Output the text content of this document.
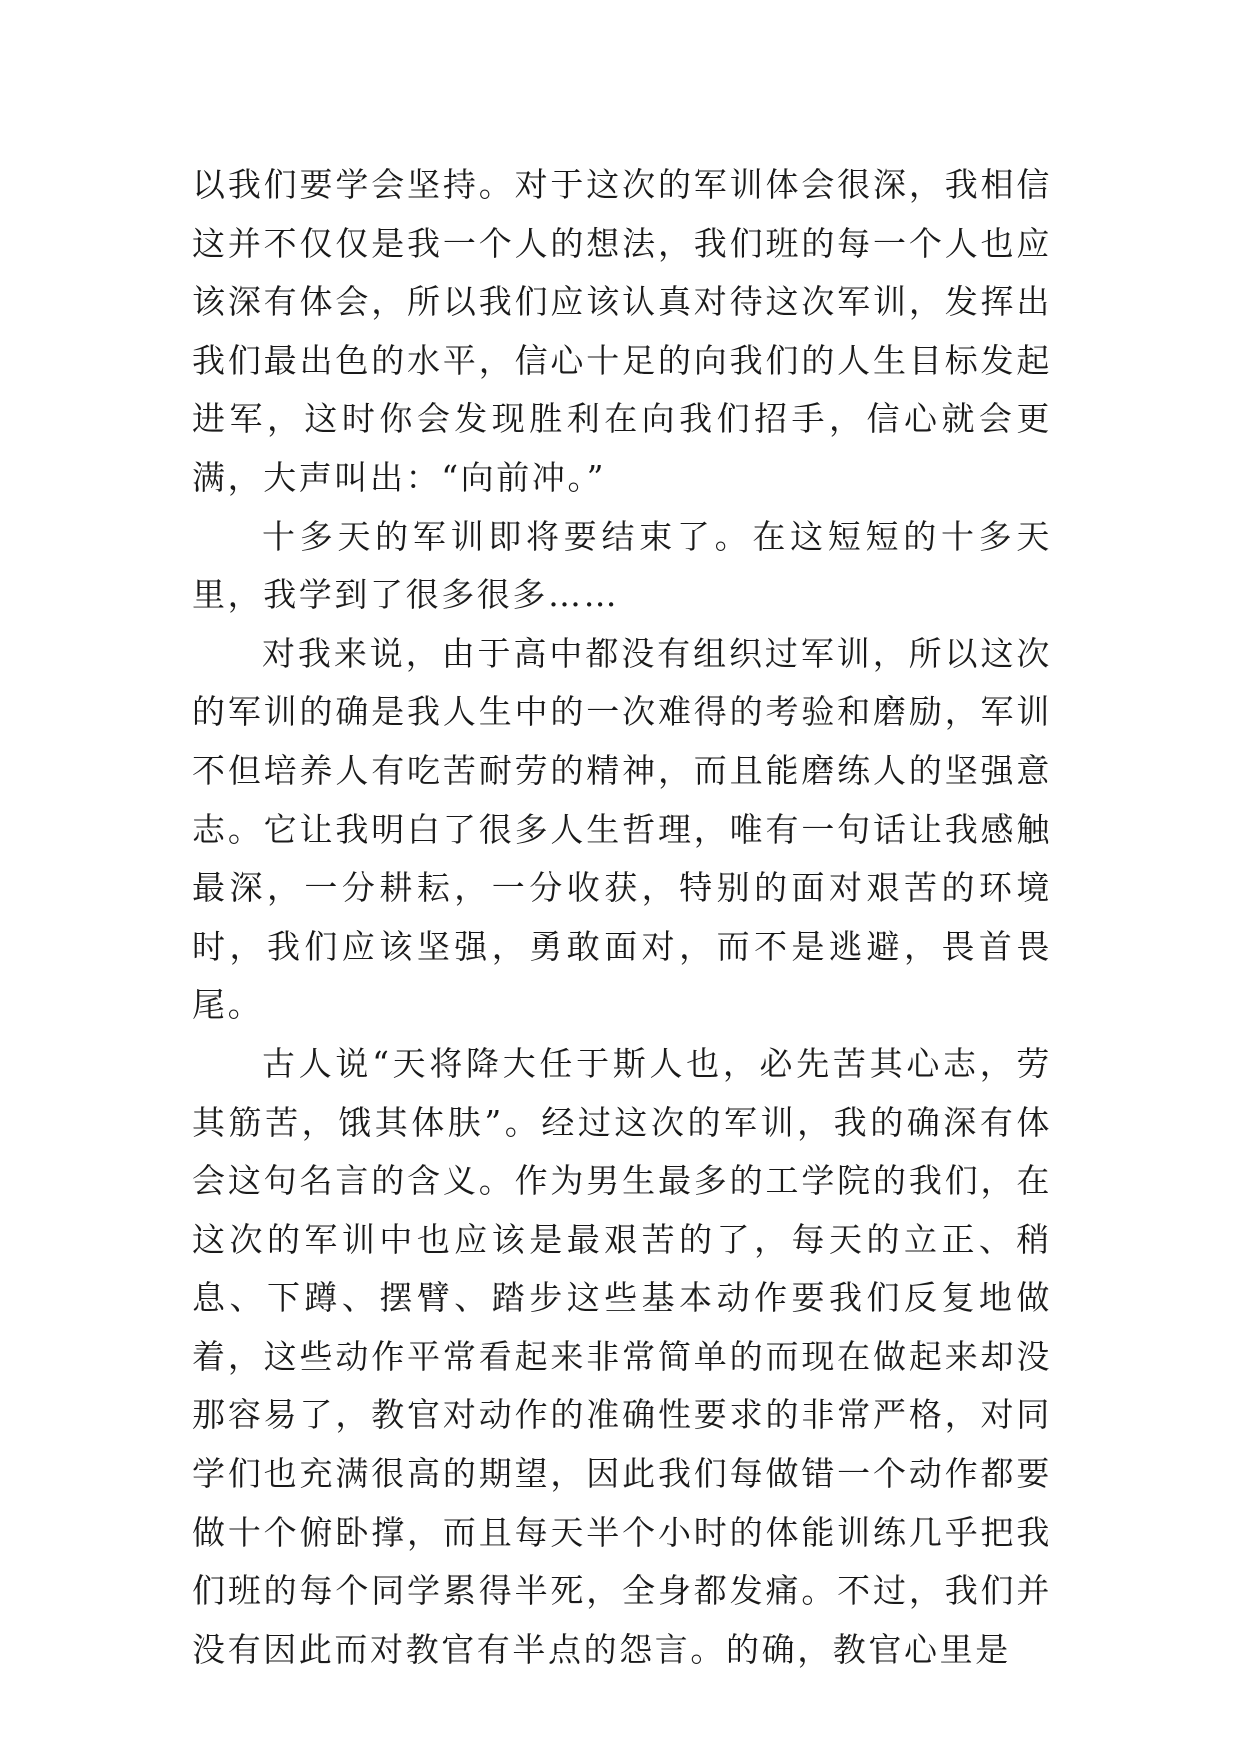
以我们要学会坚持。对于这次的军训体会很深，我相信这并不仅仅是我一个人的想法，我们班的每一个人也应该深有体会，所以我们应该认真对待这次军训，发挥出我们最出色的水平，信心十足的向我们的人生目标发起进军，这时你会发现胜利在向我们招手，信心就会更满，大声叫出：“向前冲。”

十多天的军训即将要结束了。在这短短的十多天里，我学到了很多很多……

对我来说，由于高中都没有组织过军训，所以这次的军训的确是我人生中的一次难得的考验和磨励，军训不但培养人有吃苦耐劳的精神，而且能磨练人的坚强意志。它让我明白了很多人生哲理，唯有一句话让我感触最深，一分耕耘，一分收获，特别的面对艰苦的环境时，我们应该坚强，勇敢面对，而不是逃避，畏首畏尾。

古人说“天将降大任于斯人也，必先苦其心志，劳其筋苦，饿其体肤”。经过这次的军训，我的确深有体会这句名言的含义。作为男生最多的工学院的我们，在这次的军训中也应该是最艰苦的了，每天的立正、稍息、下蹲、摆臂、踏步这些基本动作要我们反复地做着，这些动作平常看起来非常简单的而现在做起来却没那容易了，教官对动作的准确性要求的非常严格，对同学们也充满很高的期望，因此我们每做错一个动作都要做十个俯卧撑，而且每天半个小时的体能训练几乎把我们班的每个同学累得半死，全身都发痛。不过，我们并没有因此而对教官有半点的怨言。的确，教官心里是
